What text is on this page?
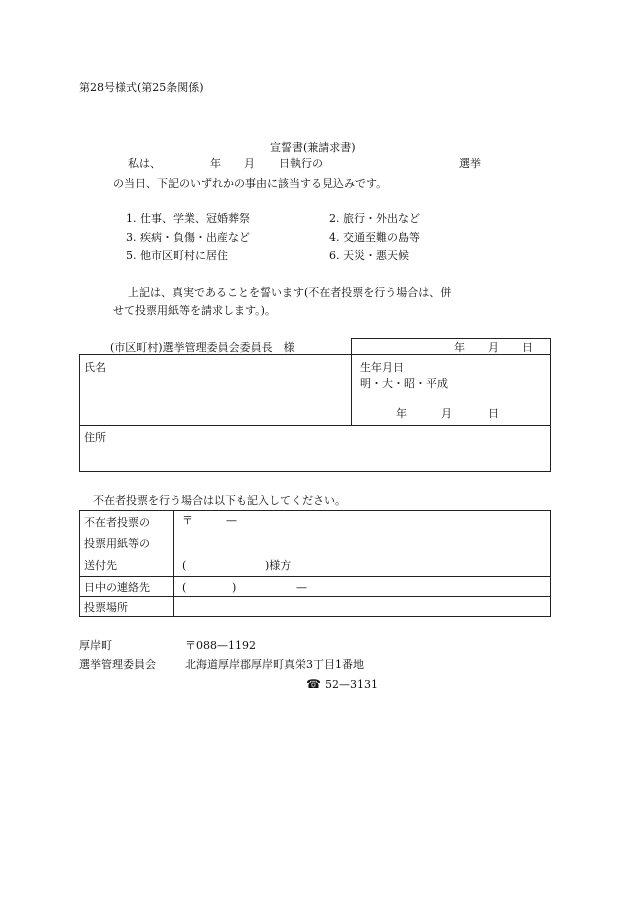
第28号様式(第25条関係)
宣誓書(兼請求書)
私は、	年 月 日執行の	選挙
の当日、下記のいずれかの事由に該当する見込みです。
1. 仕事、学業、冠婚葬祭	2. 旅行・外出など
3. 疾病・負傷・出産など	4. 交通至難の島等
5. 他市区町村に居住	6. 天災・悪天候
上記は、真実であることを誓います(不在者投票を行う場合は、併
せて投票用紙等を請求します。)。
(市区町村)選挙管理委員会委員長　様	年 月 日
氏名	生年月日
明・大・昭・平成
年	月	日
住所
不在者投票を行う場合は以下も記入してください。
不在者投票の
投票用紙等の
送付先
〒	—
(	)様方
日中の連絡先	(	)	—
投票場所
厚岸町	〒088—1192
選挙管理委員会	北海道厚岸郡厚岸町真栄3丁目1番地
☎ 52—3131
